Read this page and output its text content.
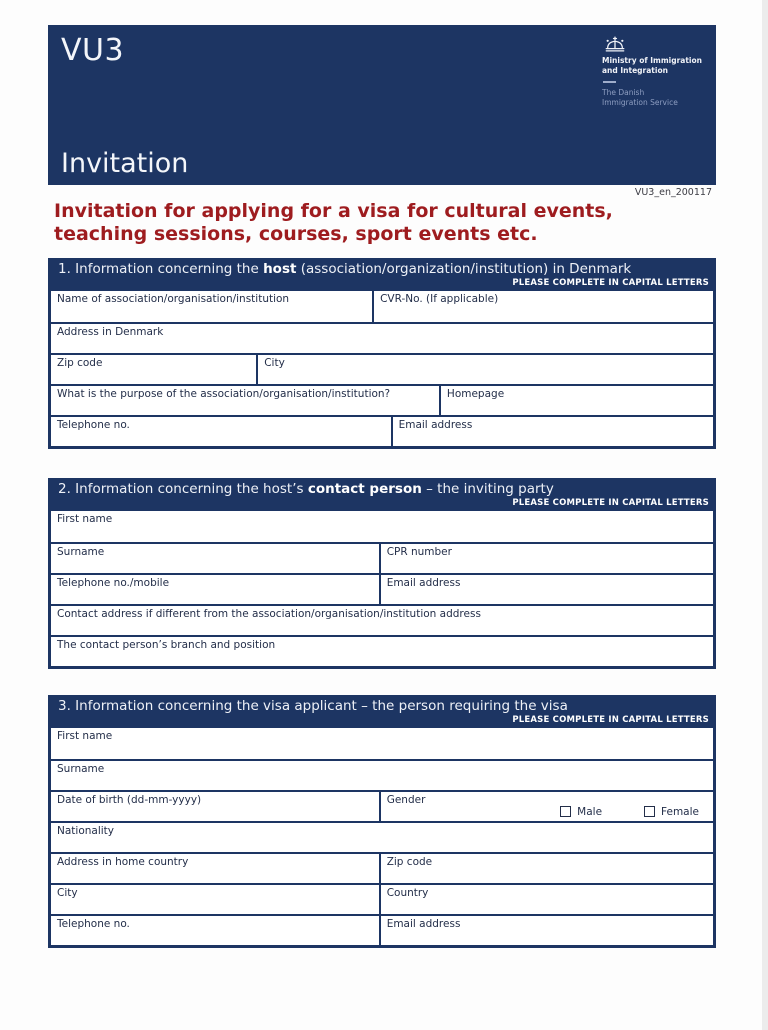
VU3
Invitation
Ministry of Immigration
and Integration
The Danish
Immigration Service
VU3_en_200117
Invitation for applying for a visa for cultural events,
teaching sessions, courses, sport events etc.
1. Information concerning the host (association/organization/institution) in Denmark
PLEASE COMPLETE IN CAPITAL LETTERS
Name of association/organisation/institution	CVR-No. (If applicable)
Address in Denmark
Zip code	City
What is the purpose of the association/organisation/institution?	Homepage
Telephone no.	Email address
2. Information concerning the host’s contact person – the inviting party
PLEASE COMPLETE IN CAPITAL LETTERS
First name
Surname	CPR number
Telephone no./mobile	Email address
Contact address if different from the association/organisation/institution address
The contact person’s branch and position
3. Information concerning the visa applicant – the person requiring the visa
PLEASE COMPLETE IN CAPITAL LETTERS
First name
Surname
Date of birth (dd-mm-yyyy)	Gender
Male	Female
Nationality
Address in home country	Zip code
City	Country
Telephone no.	Email address
